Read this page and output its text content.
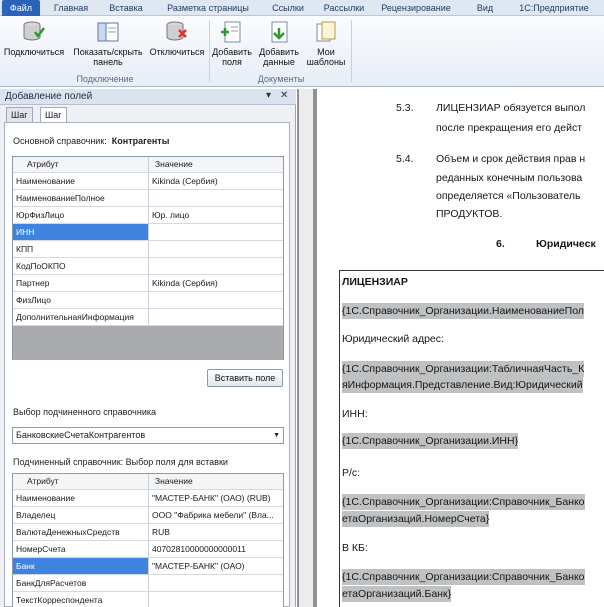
Файл	Главная	Вставка	Разметка страницы	Ссылки	Рассылки	Рецензирование	Вид	1С:Предприятие
Подключиться	Показать/скрыть панель
Отключиться
Подключение
Добавить поля
Добавить данные
Мои шаблоны
Документы
Добавление полей	▾ ✕
Шаг	Шаг
Основной справочник: Контрагенты
Атрибут	Значение
Наименование	Kikinda (Сербия)
НаименованиеПолное
ЮрФизЛицо	Юр. лицо
ИНН
КПП
КодПоОКПО
Партнер	Kikinda (Сербия)
ФизЛицо
ДополнительнаяИнформация
Вставить поле
Выбор подчиненного справочника
БанковскиеСчетаКонтрагентов	▼
Подчиненный справочник: Выбор поля для вставки
Атрибут	Значение
Наименование	"МАСТЕР-БАНК" (ОАО) (RUB)
Владелец	ООО "Фабрика мебели" (Вла...
ВалютаДенежныхСредств	RUB
НомерСчета	40702810000000000011
Банк	"МАСТЕР-БАНК" (ОАО)
БанкДляРасчетов
ТекстКорреспондента
5.3. ЛИЦЕНЗИАР обязуется выпол
после прекращения его дейст
5.4. Объем и срок действия прав н
реданных конечным пользова
определяется «Пользователь
ПРОДУКТОВ.
6.	Юридическ
ЛИЦЕНЗИАР
{1С.Справочник_Организации.НаименованиеПол
Юридический адрес:
{1С.Справочник_Организации:ТабличнаяЧасть_К
яИнформация.Представление.Вид:Юридический
ИНН:
{1С.Справочник_Организации.ИНН}
Р/с:
{1С.Справочник_Организации:Справочник_Банко
етаОрганизаций.НомерСчета}
В КБ:
{1С.Справочник_Организации:Справочник_Банко
етаОрганизаций.Банк}
